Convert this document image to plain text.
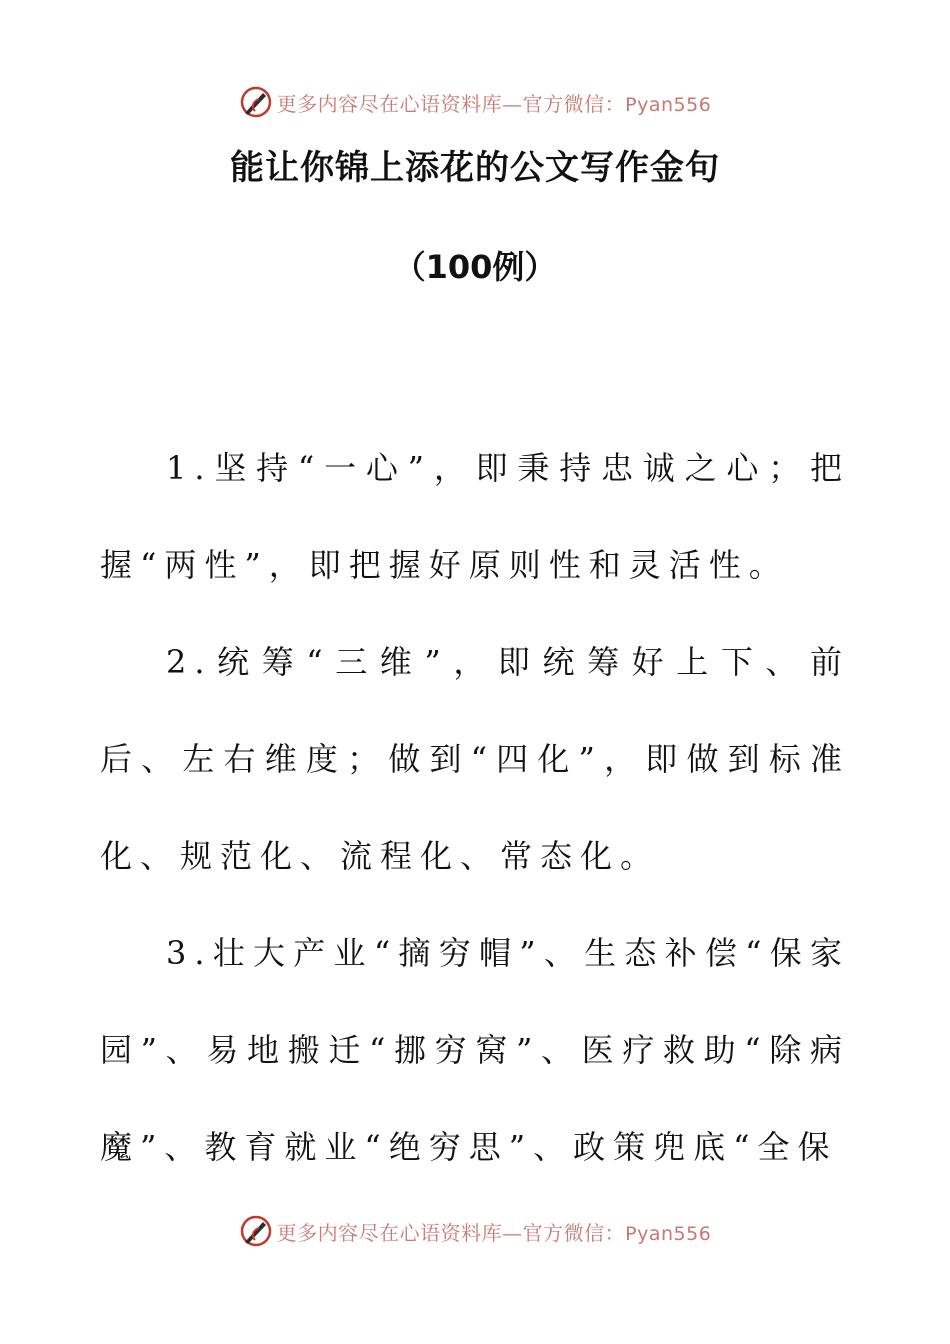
更多内容尽在心语资料库—官方微信：Pyan556
能让你锦上添花的公文写作金句
（100例）

1.坚持“一心”，即秉持忠诚之心；把握“两性”，即把握好原则性和灵活性。

2.统筹“三维”，即统筹好上下、前后、左右维度；做到“四化”，即做到标准化、规范化、流程化、常态化。

3.壮大产业“摘穷帽”、生态补偿“保家园”、易地搬迁“挪穷窝”、医疗救助“除病魔”、教育就业“绝穷思”、政策兜底“全保

更多内容尽在心语资料库—官方微信：Pyan556
